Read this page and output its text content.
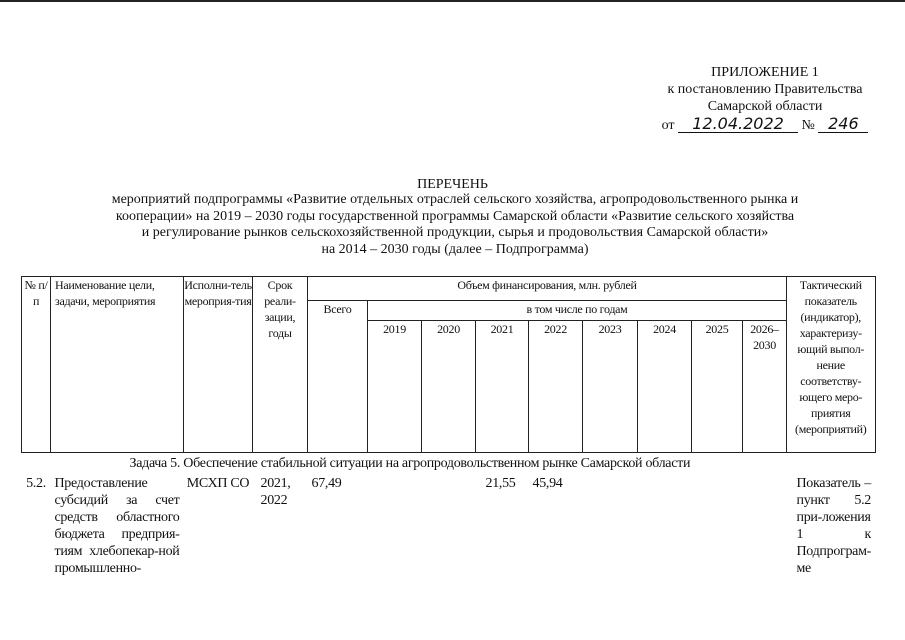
ПРИЛОЖЕНИЕ 1
к постановлению Правительства
Самарской области
от 12.04.2022 № 246
ПЕРЕЧЕНЬ
мероприятий подпрограммы «Развитие отдельных отраслей сельского хозяйства, агропродовольственного рынка и
кооперации» на 2019 – 2030 годы государственной программы Самарской области «Развитие сельского хозяйства
и регулирование рынков сельскохозяйственной продукции, сырья и продовольствия Самарской области»
на 2014 – 2030 годы (далее – Подпрограмма)
№ п/п	Наименование цели, задачи, мероприятия	Исполни-тель мероприя-тия	Срок реали-зации, годы	Объем финансирования, млн. рублей									Тактический показатель (индикатор), характеризу-ющий выпол-нение соответству-ющего меро-приятия (мероприятий)
				Всего	в том числе по годам								
					2019	2020	2021	2022	2023	2024	2025	2026–2030	
Задача 5. Обеспечение стабильной ситуации на агропродовольственном рынке Самарской области													
5.2.	Предоставление субсидий за счет средств областного бюджета предприя-тиям хлебопекар-ной промышленно-	МСХП СО	2021, 2022	67,49			21,55	45,94					Показатель – пункт 5.2 при-ложения 1 к Подпрограм-ме
